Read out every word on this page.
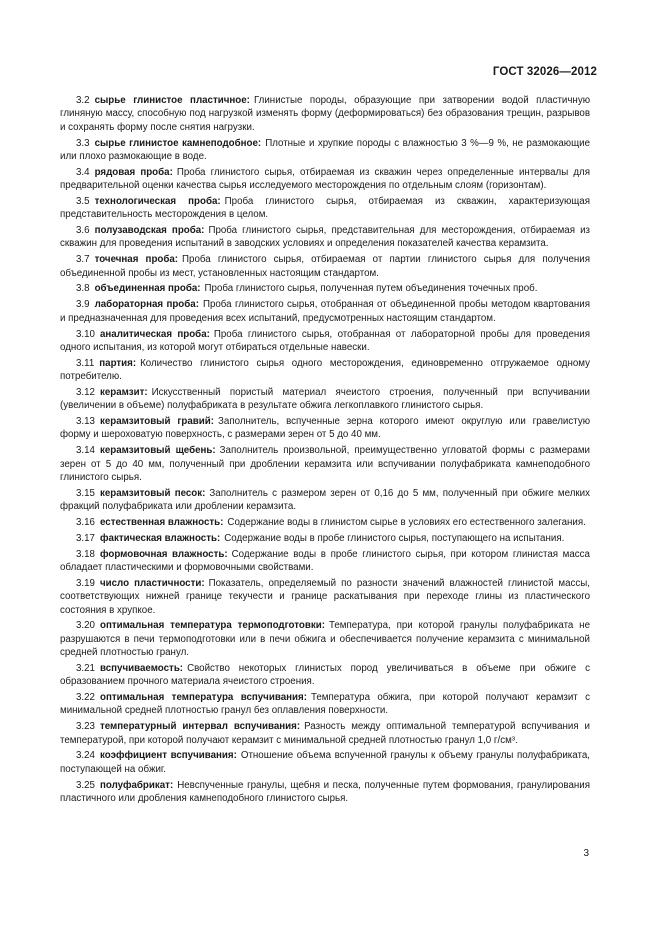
ГОСТ 32026—2012

3.2 сырье глинистое пластичное: Глинистые породы, образующие при затворении водой пластичную глиняную массу, способную под нагрузкой изменять форму (деформироваться) без образования трещин, разрывов и сохранять форму после снятия нагрузки.

3.3 сырье глинистое камнеподобное: Плотные и хрупкие породы с влажностью 3 %—9 %, не размокающие или плохо размокающие в воде.

3.4 рядовая проба: Проба глинистого сырья, отбираемая из скважин через определенные интервалы для предварительной оценки качества сырья исследуемого месторождения по отдельным слоям (горизонтам).

3.5 технологическая проба: Проба глинистого сырья, отбираемая из скважин, характеризующая представительность месторождения в целом.

3.6 полузаводская проба: Проба глинистого сырья, представительная для месторождения, отбираемая из скважин для проведения испытаний в заводских условиях и определения показателей качества керамзита.

3.7 точечная проба: Проба глинистого сырья, отбираемая от партии глинистого сырья для получения объединенной пробы из мест, установленных настоящим стандартом.

3.8 объединенная проба: Проба глинистого сырья, полученная путем объединения точечных проб.

3.9 лабораторная проба: Проба глинистого сырья, отобранная от объединенной пробы методом квартования и предназначенная для проведения всех испытаний, предусмотренных настоящим стандартом.

3.10 аналитическая проба: Проба глинистого сырья, отобранная от лабораторной пробы для проведения одного испытания, из которой могут отбираться отдельные навески.

3.11 партия: Количество глинистого сырья одного месторождения, единовременно отгружаемое одному потребителю.

3.12 керамзит: Искусственный пористый материал ячеистого строения, полученный при вспучивании (увеличении в объеме) полуфабриката в результате обжига легкоплавкого глинистого сырья.

3.13 керамзитовый гравий: Заполнитель, вспученные зерна которого имеют округлую или гравелистую форму и шероховатую поверхность, с размерами зерен от 5 до 40 мм.

3.14 керамзитовый щебень: Заполнитель произвольной, преимущественно угловатой формы с размерами зерен от 5 до 40 мм, полученный при дроблении керамзита или вспучивании полуфабриката камнеподобного глинистого сырья.

3.15 керамзитовый песок: Заполнитель с размером зерен от 0,16 до 5 мм, полученный при обжиге мелких фракций полуфабриката или дроблении керамзита.

3.16 естественная влажность: Содержание воды в глинистом сырье в условиях его естественного залегания.

3.17 фактическая влажность: Содержание воды в пробе глинистого сырья, поступающего на испытания.

3.18 формовочная влажность: Содержание воды в пробе глинистого сырья, при котором глинистая масса обладает пластическими и формовочными свойствами.

3.19 число пластичности: Показатель, определяемый по разности значений влажностей глинистой массы, соответствующих нижней границе текучести и границе раскатывания при переходе глины из пластического состояния в хрупкое.

3.20 оптимальная температура термоподготовки: Температура, при которой гранулы полуфабриката не разрушаются в печи термоподготовки или в печи обжига и обеспечивается получение керамзита с минимальной средней плотностью гранул.

3.21 вспучиваемость: Свойство некоторых глинистых пород увеличиваться в объеме при обжиге с образованием прочного материала ячеистого строения.

3.22 оптимальная температура вспучивания: Температура обжига, при которой получают керамзит с минимальной средней плотностью гранул без оплавления поверхности.

3.23 температурный интервал вспучивания: Разность между оптимальной температурой вспучивания и температурой, при которой получают керамзит с минимальной средней плотностью гранул 1,0 г/см³.

3.24 коэффициент вспучивания: Отношение объема вспученной гранулы к объему гранулы полуфабриката, поступающей на обжиг.

3.25 полуфабрикат: Невспученные гранулы, щебня и песка, полученные путем формования, гранулирования пластичного или дробления камнеподобного глинистого сырья.

3
